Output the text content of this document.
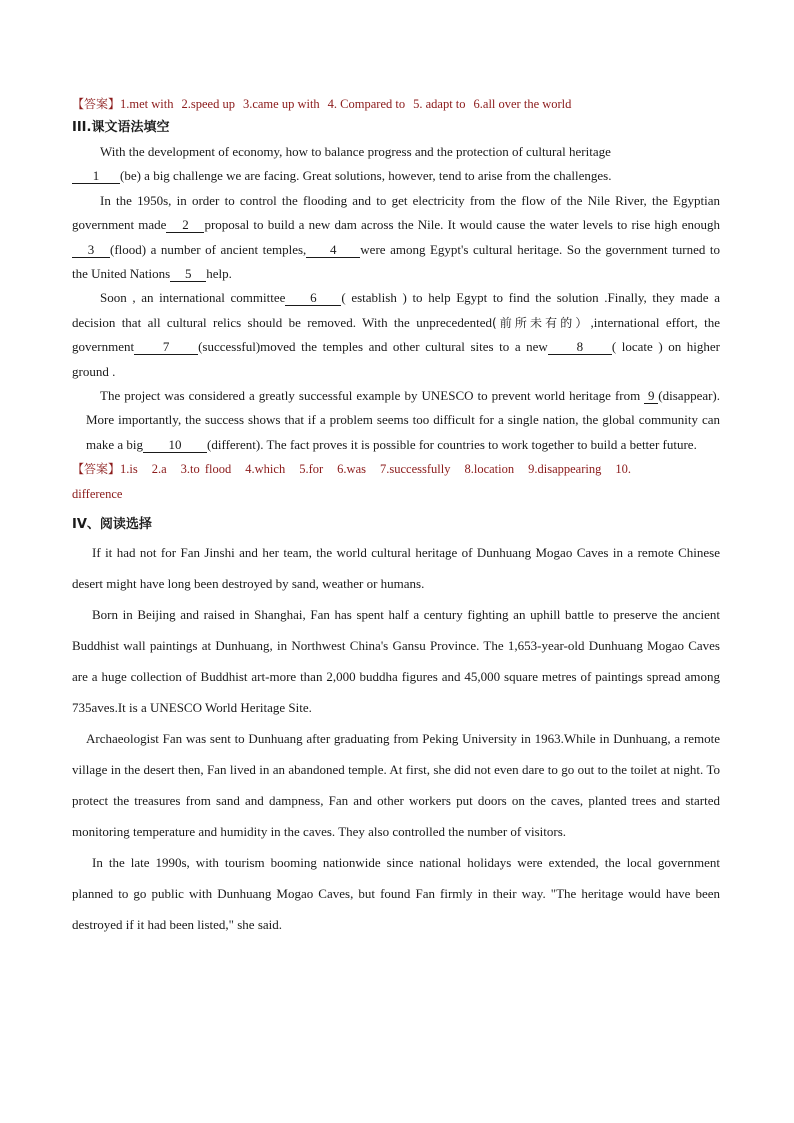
【答案】1.met with 2.speed up 3.came up with 4. Compared to 5. adapt to 6.all over the world

III.课文语法填空

With the development of economy, how to balance progress and the protection of cultural heritage

1 (be) a big challenge we are facing. Great solutions, however, tend to arise from the challenges.

In the 1950s, in order to control the flooding and to get electricity from the flow of the Nile River, the Egyptian government made 2 proposal to build a new dam across the Nile. It would cause the water levels to rise high enough3 (flood) a number of ancient temples, 4 were among Egypt's cultural heritage. So the government turned to the United Nations 5 help.

Soon , an international committee 6 ( establish ) to help Egypt to find the solution .Finally, they made a decision that all cultural relics should be removed. With the unprecedented(前所未有的）,international effort, the government 7 (successful)moved the temples and other cultural sites to a new 8 ( locate ) on higher ground .

The project was considered a greatly successful example by UNESCO to prevent world heritage from 9 (disappear). More importantly, the success shows that if a problem seems too difficult for a single nation, the global community can make a big 10 (different). The fact proves it is possible for countries to work together to build a better future.

【答案】1.is 2.a 3.to flood 4.which 5.for 6.was 7.successfully 8.location 9.disappearing 10.
difference

IV、阅读选择

If it had not for Fan Jinshi and her team, the world cultural heritage of Dunhuang Mogao Caves in a remote Chinese desert might have long been destroyed by sand, weather or humans.

Born in Beijing and raised in Shanghai, Fan has spent half a century fighting an uphill battle to preserve the ancient Buddhist wall paintings at Dunhuang, in Northwest China's Gansu Province. The 1,653-year-old Dunhuang Mogao Caves are a huge collection of Buddhist art-more than 2,000 buddha figures and 45,000 square metres of paintings spread among 735aves.It is a UNESCO World Heritage Site.

Archaeologist Fan was sent to Dunhuang after graduating from Peking University in 1963.While in Dunhuang, a remote village in the desert then, Fan lived in an abandoned temple. At first, she did not even dare to go out to the toilet at night. To protect the treasures from sand and dampness, Fan and other workers put doors on the caves, planted trees and started monitoring temperature and humidity in the caves. They also controlled the number of visitors.

In the late 1990s, with tourism booming nationwide since national holidays were extended, the local government planned to go public with Dunhuang Mogao Caves, but found Fan firmly in their way. "The heritage would have been destroyed if it had been listed," she said.
